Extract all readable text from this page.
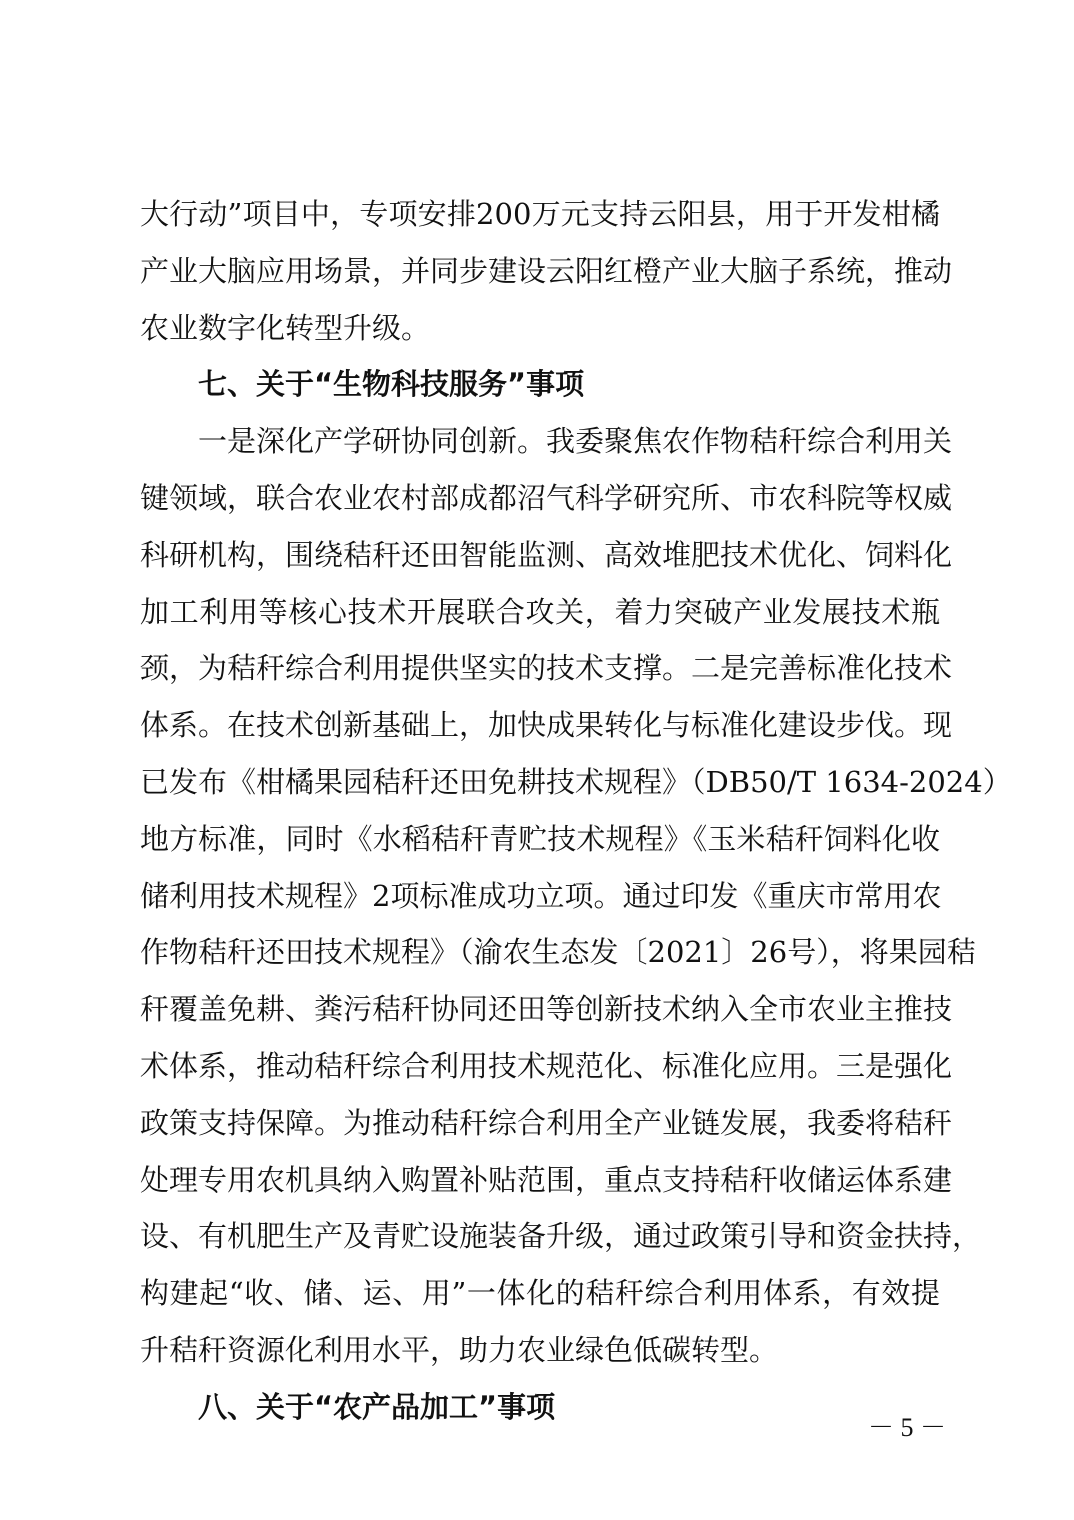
大行动”项目中，专项安排200万元支持云阳县，用于开发柑橘
产业大脑应用场景，并同步建设云阳红橙产业大脑子系统，推动
农业数字化转型升级。
七、关于“生物科技服务”事项
一是深化产学研协同创新。我委聚焦农作物秸秆综合利用关
键领域，联合农业农村部成都沼气科学研究所、市农科院等权威
科研机构，围绕秸秆还田智能监测、高效堆肥技术优化、饲料化
加工利用等核心技术开展联合攻关，着力突破产业发展技术瓶
颈，为秸秆综合利用提供坚实的技术支撑。二是完善标准化技术
体系。在技术创新基础上，加快成果转化与标准化建设步伐。现
已发布《柑橘果园秸秆还田免耕技术规程》（DB50/T 1634-2024）
地方标准，同时《水稻秸秆青贮技术规程》《玉米秸秆饲料化收
储利用技术规程》2项标准成功立项。通过印发《重庆市常用农
作物秸秆还田技术规程》（渝农生态发〔2021〕26号），将果园秸
秆覆盖免耕、粪污秸秆协同还田等创新技术纳入全市农业主推技
术体系，推动秸秆综合利用技术规范化、标准化应用。三是强化
政策支持保障。为推动秸秆综合利用全产业链发展，我委将秸秆
处理专用农机具纳入购置补贴范围，重点支持秸秆收储运体系建
设、有机肥生产及青贮设施装备升级，通过政策引导和资金扶持，
构建起“收、储、运、用”一体化的秸秆综合利用体系，有效提
升秸秆资源化利用水平，助力农业绿色低碳转型。
八、关于“农产品加工”事项
－ 5 －
